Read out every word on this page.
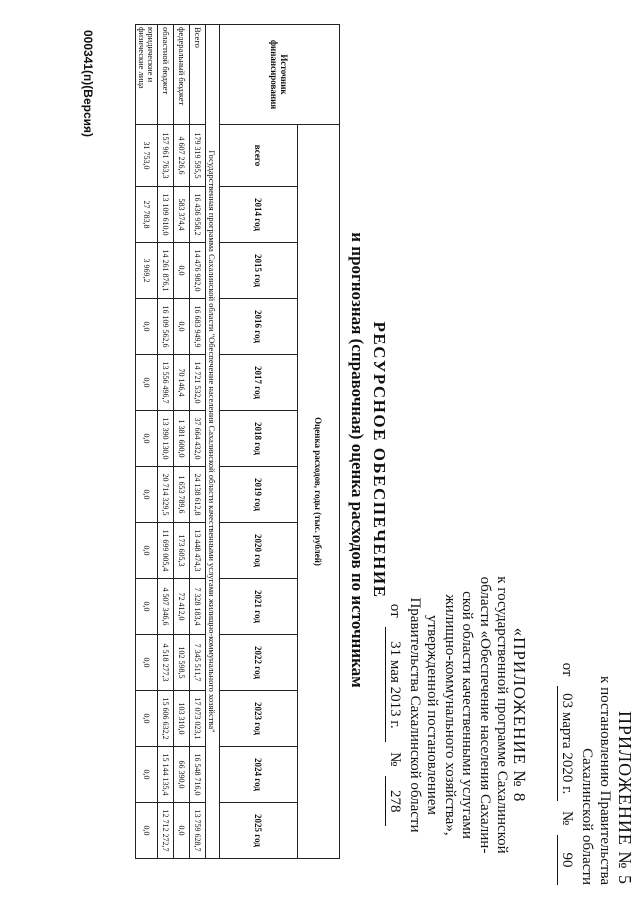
ПРИЛОЖЕНИЕ № 5
к постановлению Правительства
Сахалинской области
от 03 марта 2020 г. № 90
«ПРИЛОЖЕНИЕ № 8
к государственной программе Сахалинской
области «Обеспечение населения Сахалин-
ской области качественными услугами
жилищно-коммунального хозяйства»,
утвержденной постановлением
Правительства Сахалинской области
от 31 мая 2013 г. № 278
РЕСУРСНОЕ ОБЕСПЕЧЕНИЕ
и прогнозная (справочная) оценка расходов по источникам
Источник финансирования	Оценка расходов, годы (тыс. рублей)												
	всего	2014 год	2015 год	2016 год	2017 год	2018 год	2019 год	2020 год	2021 год	2022 год	2023 год	2024 год	2025 год
Государственная программа Сахалинской области "Обеспечение населения Сахалинской области качественными услугами жилищно-коммунального хозяйства"													
Всего	179 319 595,5	16 436 958,2	14 476 982,0	16 683 949,9	14 721 532,0	37 664 432,0	24 138 612,8	13 448 474,3	7 328 183,4	7 345 511,7	17 073 023,1	16 548 716,0	13 759 628,7
федеральный бюджет	4 607 226,6	583 374,4	0,0	0,0	70 146,4	1 381 600,0	1 653 789,6	173 605,3	72 412,0	102 598,5	103 310,0	66 390,0	0,0
областной бюджет	157 961 763,3	13 109 610,0	14 261 876,1	16 109 562,6	13 556 496,7	13 390 130,0	20 714 329,5	11 699 005,4	4 507 346,6	4 518 277,3	15 606 632,2	15 144 135,4	12 712 272,7
юридические и физические лица	31 753,0	27 783,8	3 969,2	0,0	0,0	0,0	0,0	0,0	0,0	0,0	0,0	0,0	0,0
000341(п)(Версия)
